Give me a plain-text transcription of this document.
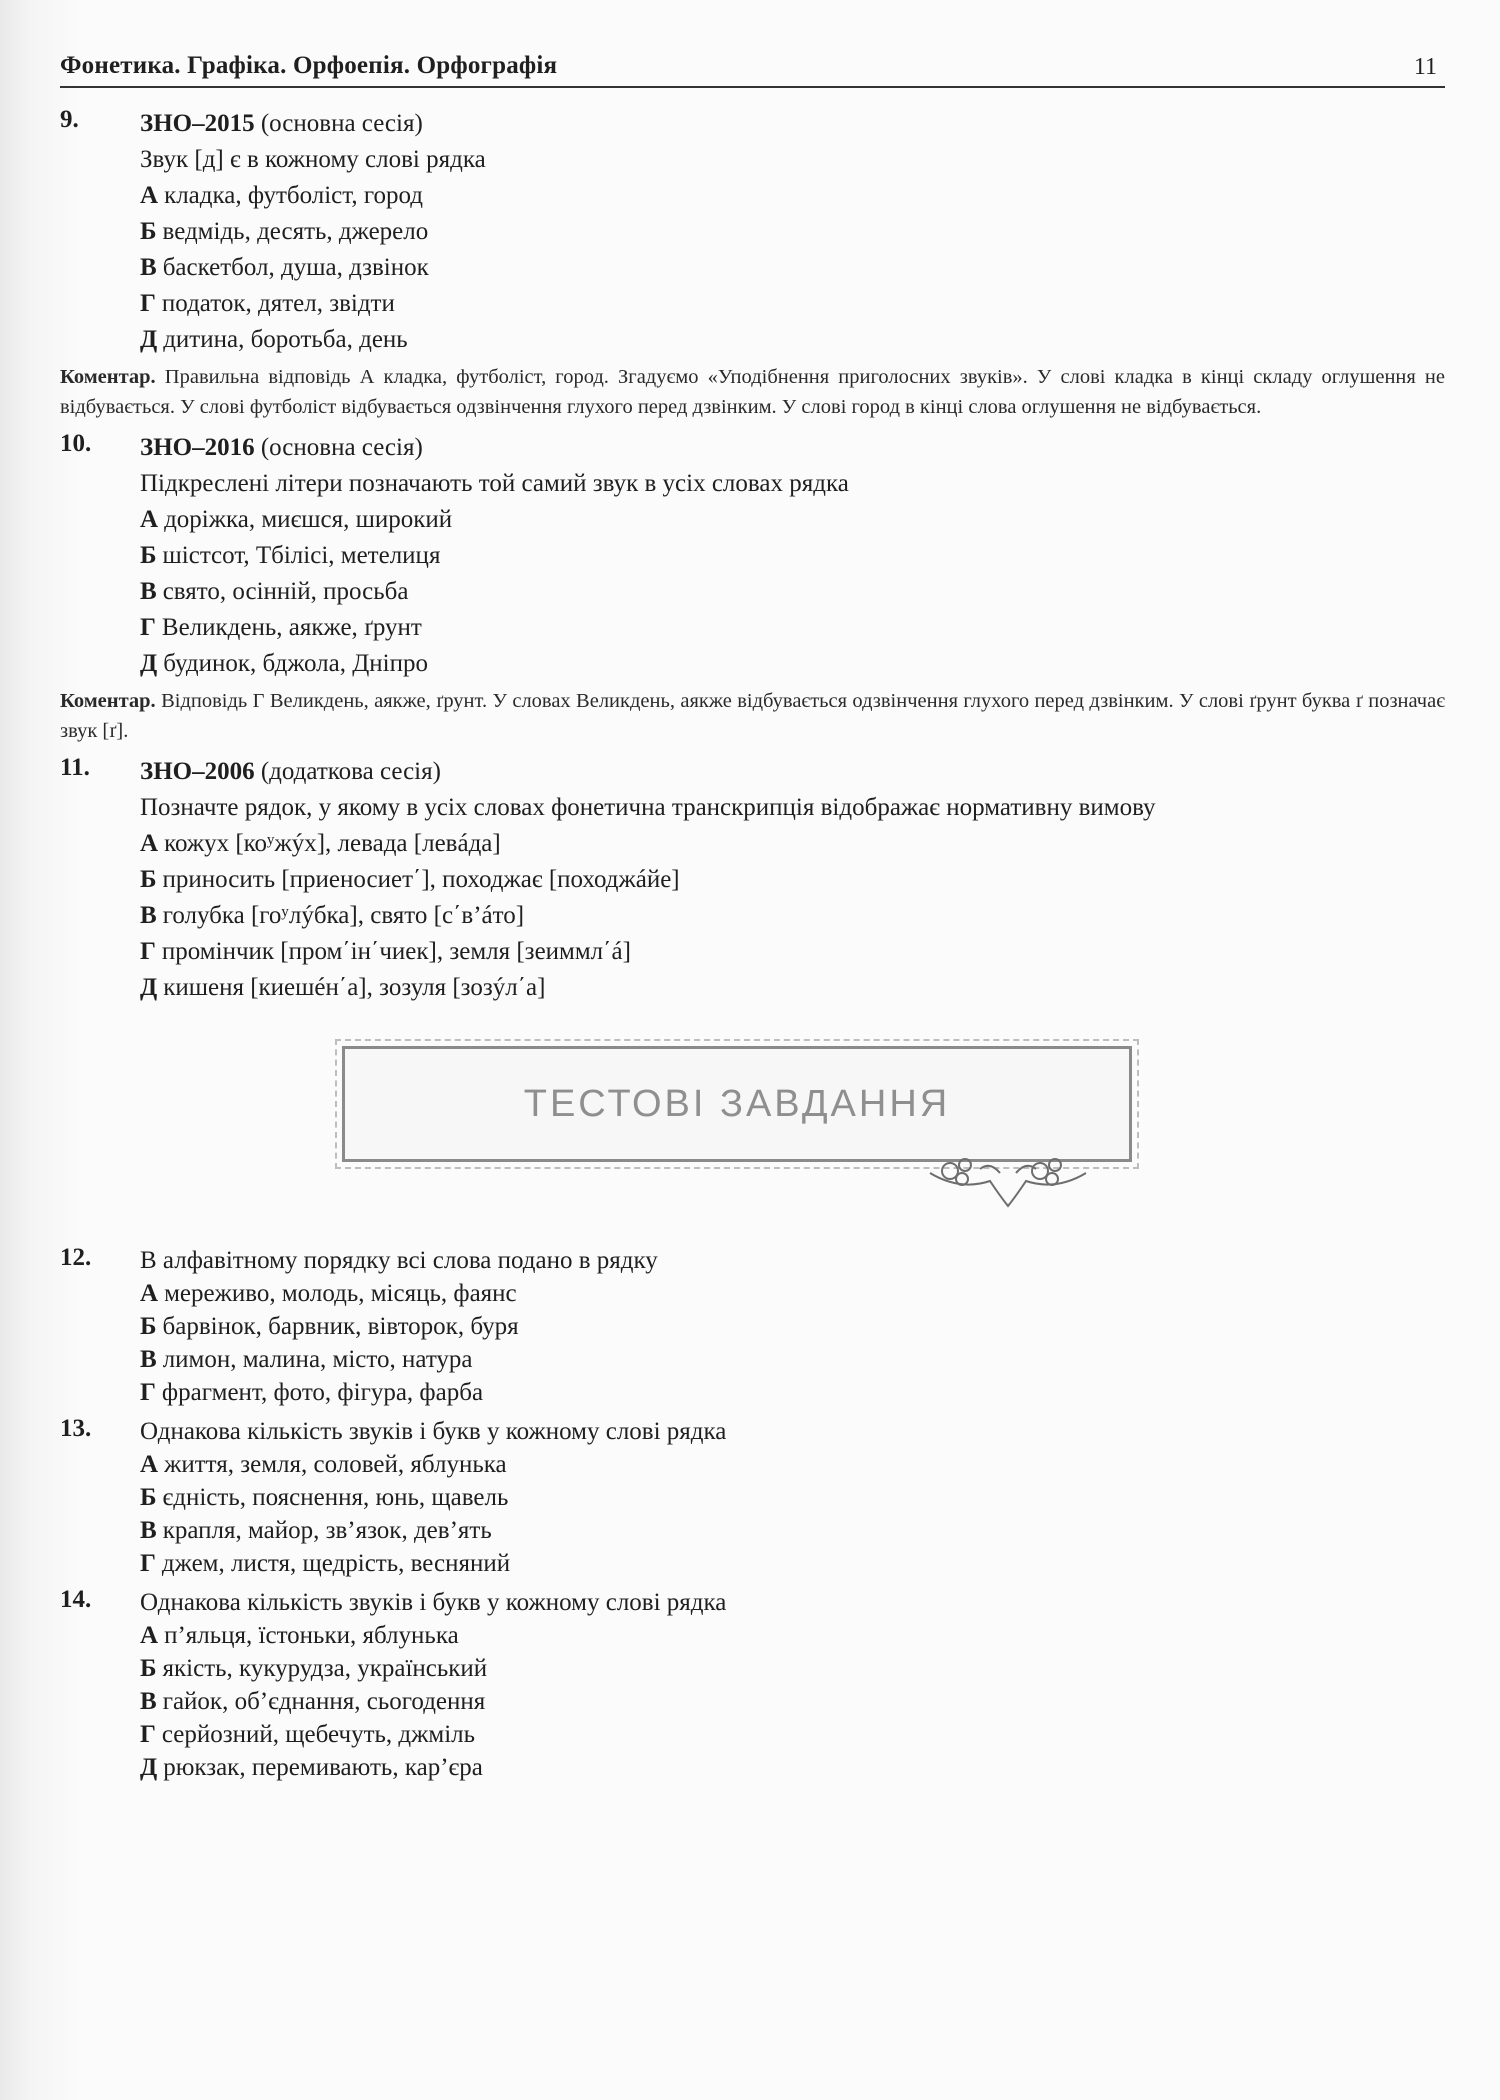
Фонетика. Графіка. Орфоепія. Орфографія	11
9. ЗНО–2015 (основна сесія)
Звук [д] є в кожному слові рядка
А кладка, футболіст, город
Б ведмідь, десять, джерело
В баскетбол, душа, дзвінок
Г податок, дятел, звідти
Д дитина, боротьба, день
Коментар. Правильна відповідь А кладка, футболіст, город. Згадуємо «Уподібнення приголосних звуків». У слові кладка в кінці складу оглушення не відбувається. У слові футболіст відбувається одзвінчення глухого перед дзвінким. У слові город в кінці слова оглушення не відбувається.
10. ЗНО–2016 (основна сесія)
Підкреслені літери позначають той самий звук в усіх словах рядка
А доріжка, миєшся, широкий
Б шістсот, Тбілісі, метелиця
В свято, осінній, просьба
Г Великдень, аякже, ґрунт
Д будинок, бджола, Дніпро
Коментар. Відповідь Г Великдень, аякже, ґрунт. У словах Великдень, аякже відбувається одзвінчення глухого перед дзвінким. У слові ґрунт буква ґ позначає звук [ґ].
11. ЗНО–2006 (додаткова сесія)
Позначте рядок, у якому в усіх словах фонетична транскрипція відображає нормативну вимову
А кожух [коʸжýх], левада [левáда]
Б приносить [приеносиет΄], походжає [походжáйе]
В голубка [гоʸлýбка], свято [с΄в’áто]
Г промінчик [пром΄ін΄чиек], земля [зеиммл΄á]
Д кишеня [киешéн΄а], зозуля [зозýл΄а]
ТЕСТОВІ ЗАВДАННЯ
12. В алфавітному порядку всі слова подано в рядку
А мереживо, молодь, місяць, фаянс
Б барвінок, барвник, вівторок, буря
В лимон, малина, місто, натура
Г фрагмент, фото, фігура, фарба
13. Однакова кількість звуків і букв у кожному слові рядка
А життя, земля, соловей, яблунька
Б єдність, пояснення, юнь, щавель
В крапля, майор, зв’язок, дев’ять
Г джем, листя, щедрість, весняний
14. Однакова кількість звуків і букв у кожному слові рядка
А п’яльця, їстоньки, яблунька
Б якість, кукурудза, український
В гайок, об’єднання, сьогодення
Г серйозний, щебечуть, джміль
Д рюкзак, перемивають, кар’єра
